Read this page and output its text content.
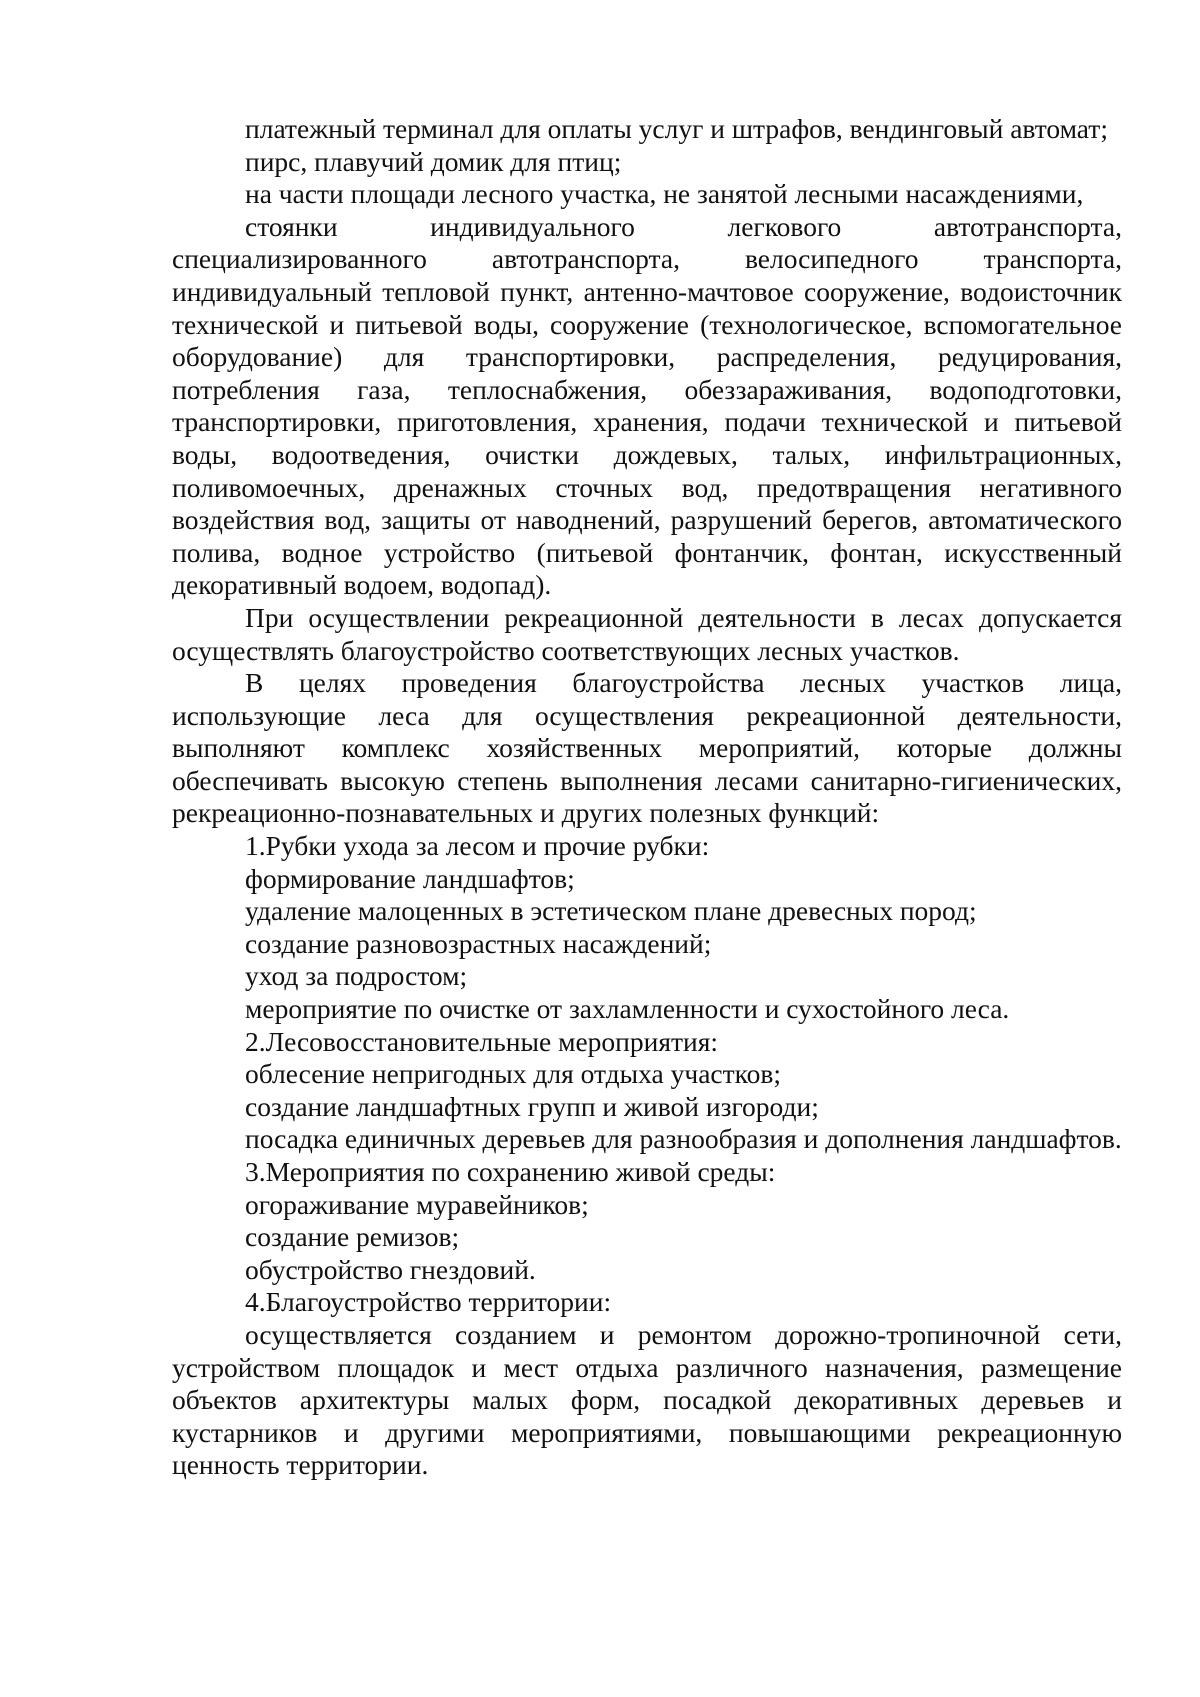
платежный терминал для оплаты услуг и штрафов, вендинговый автомат;

пирс, плавучий домик для птиц;

на части площади лесного участка, не занятой лесными насаждениями,

стоянки индивидуального легкового автотранспорта, специализированного автотранспорта, велосипедного транспорта, индивидуальный тепловой пункт, антенно-мачтовое сооружение, водоисточник технической и питьевой воды, сооружение (технологическое, вспомогательное оборудование) для транспортировки, распределения, редуцирования, потребления газа, теплоснабжения, обеззараживания, водоподготовки, транспортировки, приготовления, хранения, подачи технической и питьевой воды, водоотведения, очистки дождевых, талых, инфильтрационных, поливомоечных, дренажных сточных вод, предотвращения негативного воздействия вод, защиты от наводнений, разрушений берегов, автоматического полива, водное устройство (питьевой фонтанчик, фонтан, искусственный декоративный водоем, водопад).

При осуществлении рекреационной деятельности в лесах допускается осуществлять благоустройство соответствующих лесных участков.

В целях проведения благоустройства лесных участков лица, использующие леса для осуществления рекреационной деятельности, выполняют комплекс хозяйственных мероприятий, которые должны обеспечивать высокую степень выполнения лесами санитарно-гигиенических, рекреационно-познавательных и других полезных функций:

1.Рубки ухода за лесом и прочие рубки:

формирование ландшафтов;

удаление малоценных в эстетическом плане древесных пород;

создание разновозрастных насаждений;

уход за подростом;

мероприятие по очистке от захламленности и сухостойного леса.

2.Лесовосстановительные мероприятия:

облесение непригодных для отдыха участков;

создание ландшафтных групп и живой изгороди;

посадка единичных деревьев для разнообразия и дополнения ландшафтов.

3.Мероприятия по сохранению живой среды:

огораживание муравейников;

создание ремизов;

обустройство гнездовий.

4.Благоустройство территории:

осуществляется созданием и ремонтом дорожно-тропиночной сети, устройством площадок и мест отдыха различного назначения, размещение объектов архитектуры малых форм, посадкой декоративных деревьев и кустарников и другими мероприятиями, повышающими рекреационную ценность территории.
